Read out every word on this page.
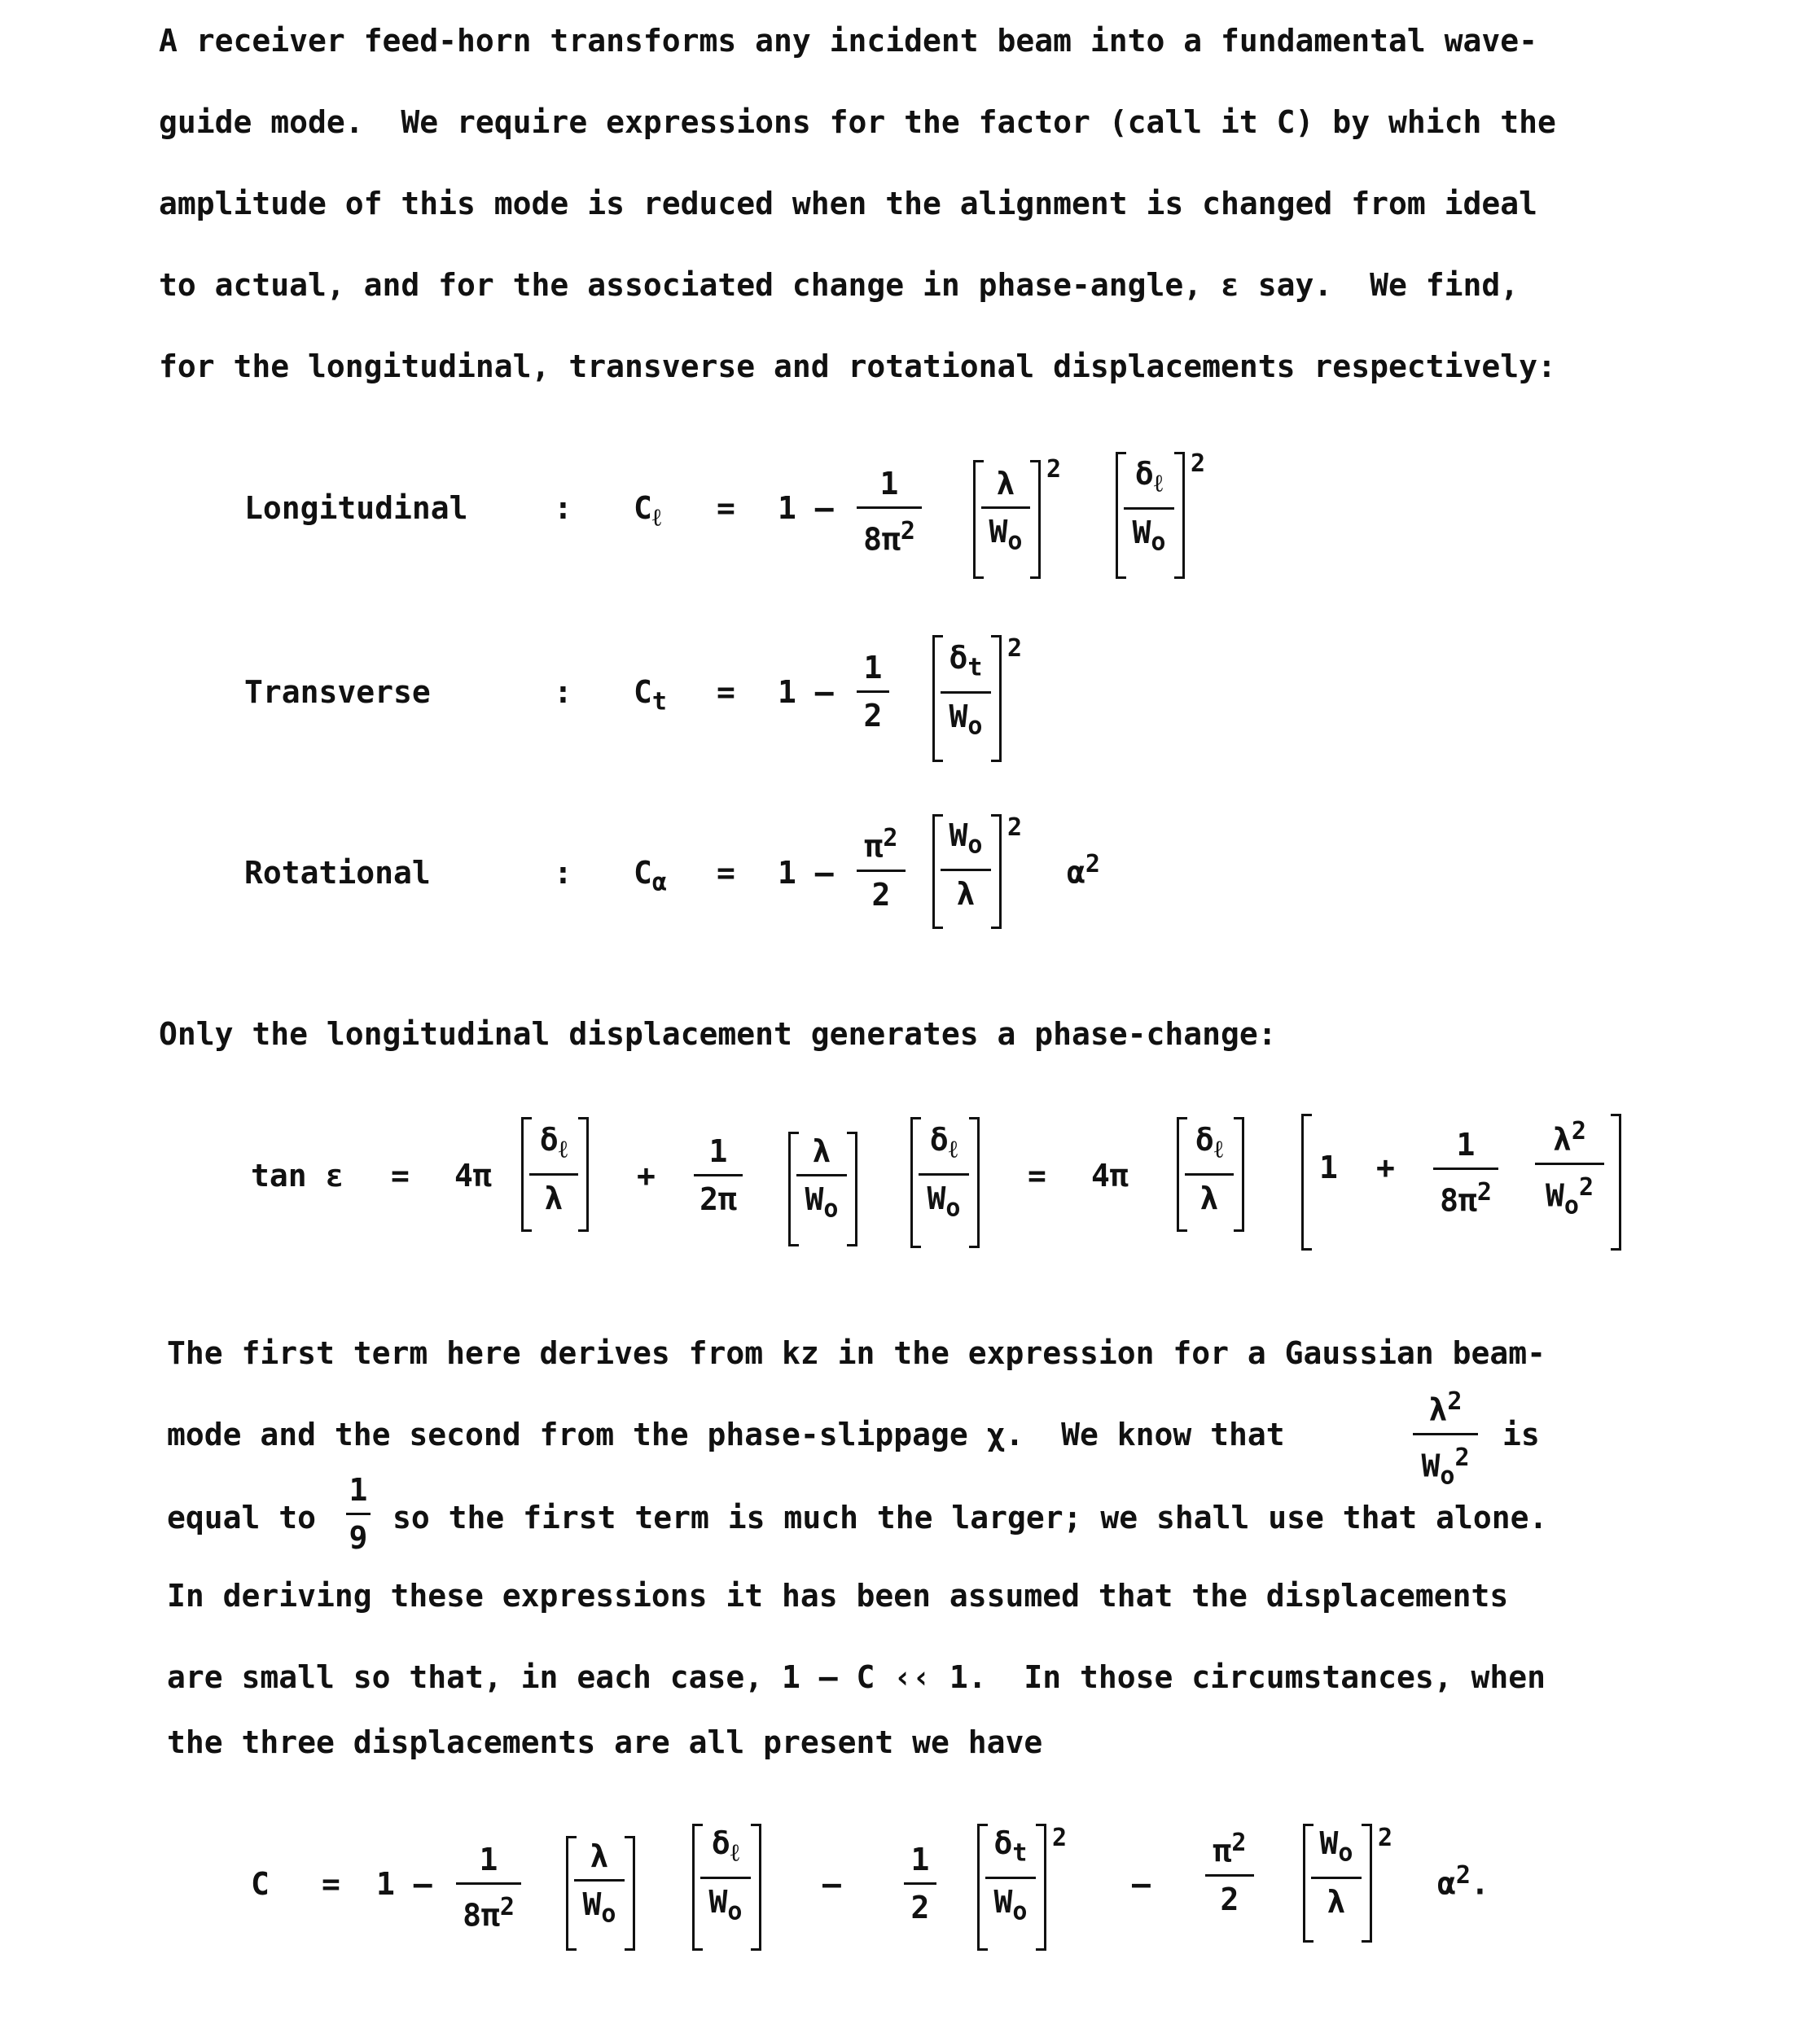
A receiver feed-horn transforms any incident beam into a fundamental wave-
guide mode.  We require expressions for the factor (call it C) by which the
amplitude of this mode is reduced when the alignment is changed from ideal
to actual, and for the associated change in phase-angle, ε say.  We find,
for the longitudinal, transverse and rotational displacements respectively:
Longitudinal	: $C_\ell = 1$ –
1
$8\pi^2$
λ
$W_o$
2 $\delta_\ell$
$W_o$
2
Transverse	: $C_t = 1$ –
1
2
$\delta_t$
$W_o$
2
Rotational	: $C_\alpha = 1$ –
$\pi^2$
2
$W_o$
λ
2
$\alpha^2$
Only the longitudinal displacement generates a phase-change:
tan ε = 4π
$\delta_\ell$
λ
+
1
2π
λ
$W_o$
$\delta_\ell$
$W_o$
= 4π
$\delta_\ell$
λ
1 +
1
$8\pi^2$
$\lambda^2$
$W_o^2$
The first term here derives from kz in the expression for a Gaussian beam-
mode and the second from the phase-slippage χ.  We know that
$\lambda^2$
$W_o^2$
is
equal to
1
9
so the first term is much the larger; we shall use that alone.
In deriving these expressions it has been assumed that the displacements
are small so that, in each case, 1 – C ‹‹ 1.  In those circumstances, when
the three displacements are all present we have
C = 1 –
1
$8\pi^2$
λ
$W_o$
$\delta_\ell$
$W_o$
–
1
2
$\delta_t$
$W_o$
2
–
$\pi^2$
2
$W_o$
λ
2
$\alpha^2$.
